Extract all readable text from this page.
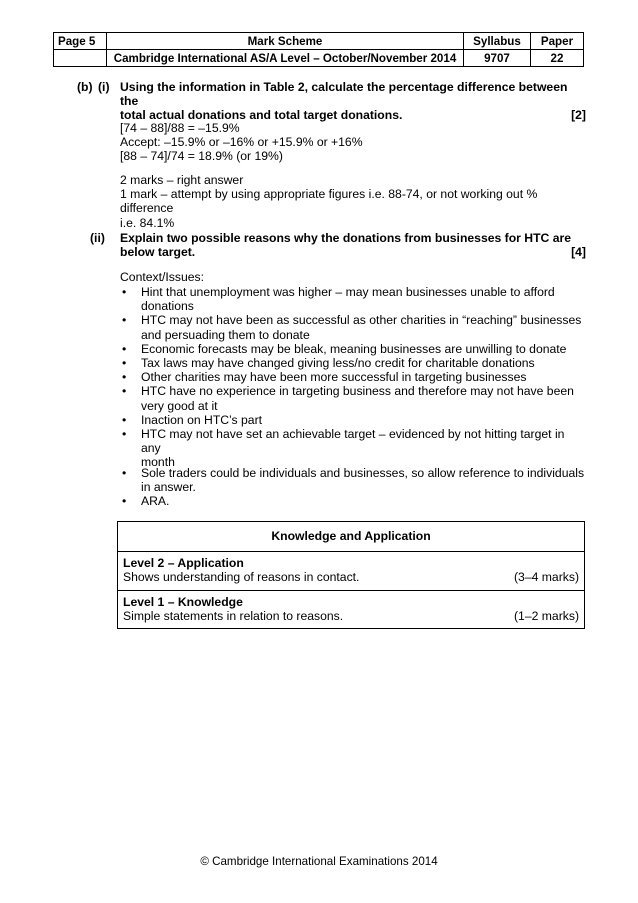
Page 5	Mark Scheme	Syllabus	Paper
	Cambridge International AS/A Level – October/November 2014	9707	22
(b) (i) Using the information in Table 2, calculate the percentage difference between the
total actual donations and total target donations.	[2]
[74 – 88]/88 = –15.9%
Accept: –15.9% or –16% or +15.9% or +16%
[88 – 74]/74 = 18.9% (or 19%)
2 marks – right answer
1 mark – attempt by using appropriate figures i.e. 88-74, or not working out % difference
i.e. 84.1%
(ii) Explain two possible reasons why the donations from businesses for HTC are
below target.	[4]
Context/Issues:
• Hint that unemployment was higher – may mean businesses unable to afford
donations
• HTC may not have been as successful as other charities in “reaching” businesses
and persuading them to donate
• Economic forecasts may be bleak, meaning businesses are unwilling to donate
• Tax laws may have changed giving less/no credit for charitable donations
• Other charities may have been more successful in targeting businesses
• HTC have no experience in targeting business and therefore may not have been
very good at it
• Inaction on HTC’s part
• HTC may not have set an achievable target – evidenced by not hitting target in any
month
• Sole traders could be individuals and businesses, so allow reference to individuals
in answer.
• ARA.
Knowledge and Application

Level 2 – Application
Shows understanding of reasons in contact.	(3–4 marks)

Level 1 – Knowledge
Simple statements in relation to reasons.	(1–2 marks)
© Cambridge International Examinations 2014
